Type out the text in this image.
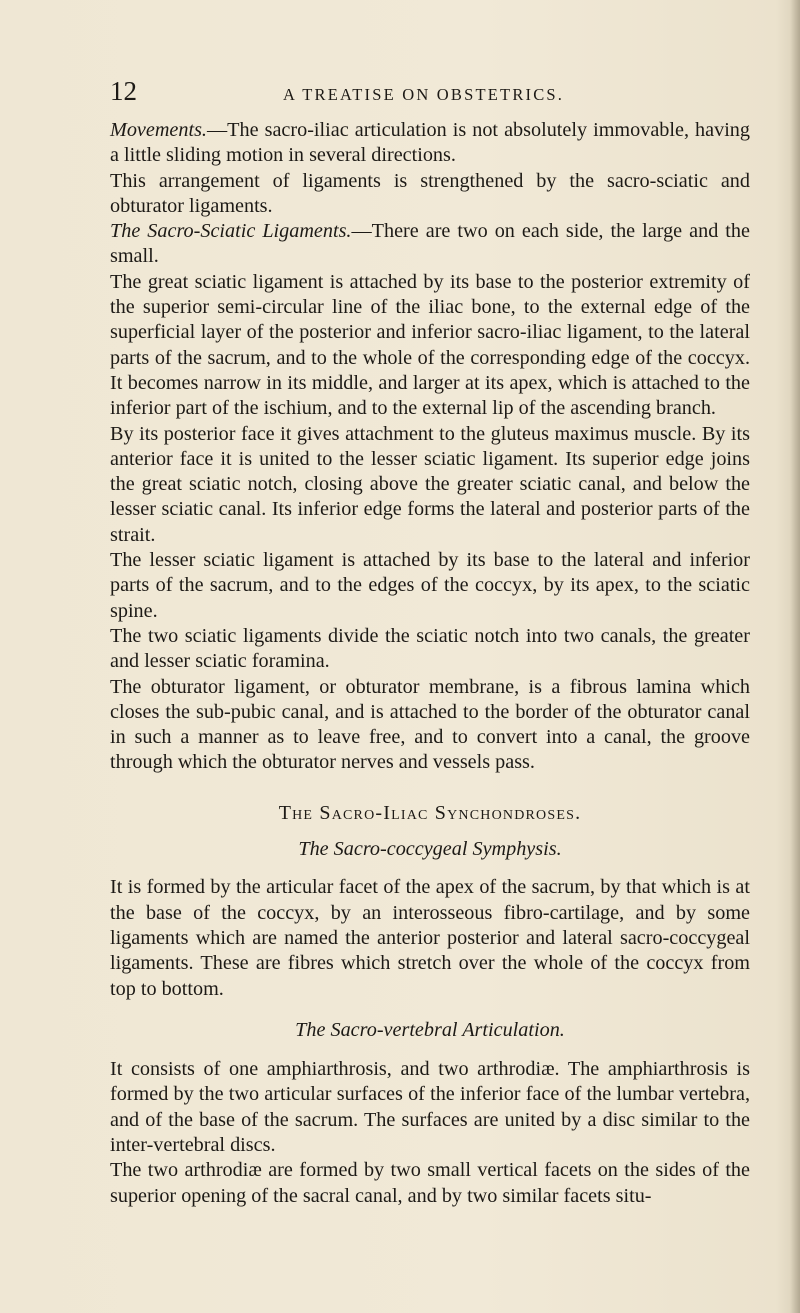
12	A TREATISE ON OBSTETRICS.

Movements.—The sacro-iliac articulation is not absolutely immovable, having a little sliding motion in several directions.

This arrangement of ligaments is strengthened by the sacro-sciatic and obturator ligaments.

The Sacro-Sciatic Ligaments.—There are two on each side, the large and the small.

The great sciatic ligament is attached by its base to the posterior extremity of the superior semi-circular line of the iliac bone, to the external edge of the superficial layer of the posterior and inferior sacro-iliac ligament, to the lateral parts of the sacrum, and to the whole of the corresponding edge of the coccyx. It becomes narrow in its middle, and larger at its apex, which is attached to the inferior part of the ischium, and to the external lip of the ascending branch.

By its posterior face it gives attachment to the gluteus maximus muscle. By its anterior face it is united to the lesser sciatic ligament. Its superior edge joins the great sciatic notch, closing above the greater sciatic canal, and below the lesser sciatic canal. Its inferior edge forms the lateral and posterior parts of the strait.

The lesser sciatic ligament is attached by its base to the lateral and inferior parts of the sacrum, and to the edges of the coccyx, by its apex, to the sciatic spine.

The two sciatic ligaments divide the sciatic notch into two canals, the greater and lesser sciatic foramina.

The obturator ligament, or obturator membrane, is a fibrous lamina which closes the sub-pubic canal, and is attached to the border of the obturator canal in such a manner as to leave free, and to convert into a canal, the groove through which the obturator nerves and vessels pass.

The Sacro-Iliac Synchondroses.

The Sacro-coccygeal Symphysis.

It is formed by the articular facet of the apex of the sacrum, by that which is at the base of the coccyx, by an interosseous fibro-cartilage, and by some ligaments which are named the anterior posterior and lateral sacro-coccygeal ligaments. These are fibres which stretch over the whole of the coccyx from top to bottom.

The Sacro-vertebral Articulation.

It consists of one amphiarthrosis, and two arthrodiæ. The amphiarthrosis is formed by the two articular surfaces of the inferior face of the lumbar vertebra, and of the base of the sacrum. The surfaces are united by a disc similar to the inter-vertebral discs.

The two arthrodiæ are formed by two small vertical facets on the sides of the superior opening of the sacral canal, and by two similar facets situ-
